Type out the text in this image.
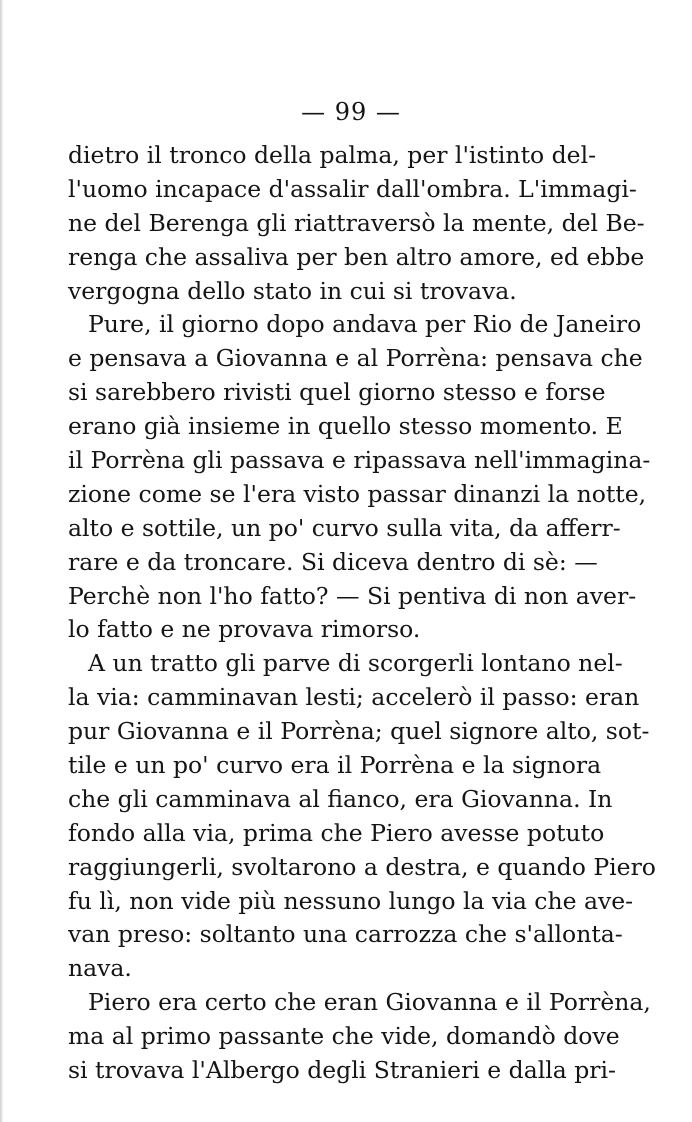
— 99 —
dietro il tronco della palma, per l'istinto del-
l'uomo incapace d'assalir dall'ombra. L'immagi-
ne del Berenga gli riattraversò la mente, del Be-
renga che assaliva per ben altro amore, ed ebbe
vergogna dello stato in cui si trovava.
Pure, il giorno dopo andava per Rio de Janeiro
e pensava a Giovanna e al Porrèna: pensava che
si sarebbero rivisti quel giorno stesso e forse
erano già insieme in quello stesso momento. E
il Porrèna gli passava e ripassava nell'immagina-
zione come se l'era visto passar dinanzi la notte,
alto e sottile, un po' curvo sulla vita, da afferr-
rare e da troncare. Si diceva dentro di sè: —
Perchè non l'ho fatto? — Si pentiva di non aver-
lo fatto e ne provava rimorso.
A un tratto gli parve di scorgerli lontano nel-
la via: camminavan lesti; accelerò il passo: eran
pur Giovanna e il Porrèna; quel signore alto, sot-
tile e un po' curvo era il Porrèna e la signora
che gli camminava al fianco, era Giovanna. In
fondo alla via, prima che Piero avesse potuto
raggiungerli, svoltarono a destra, e quando Piero
fu lì, non vide più nessuno lungo la via che ave-
van preso: soltanto una carrozza che s'allonta-
nava.
Piero era certo che eran Giovanna e il Porrèna,
ma al primo passante che vide, domandò dove
si trovava l'Albergo degli Stranieri e dalla pri-
